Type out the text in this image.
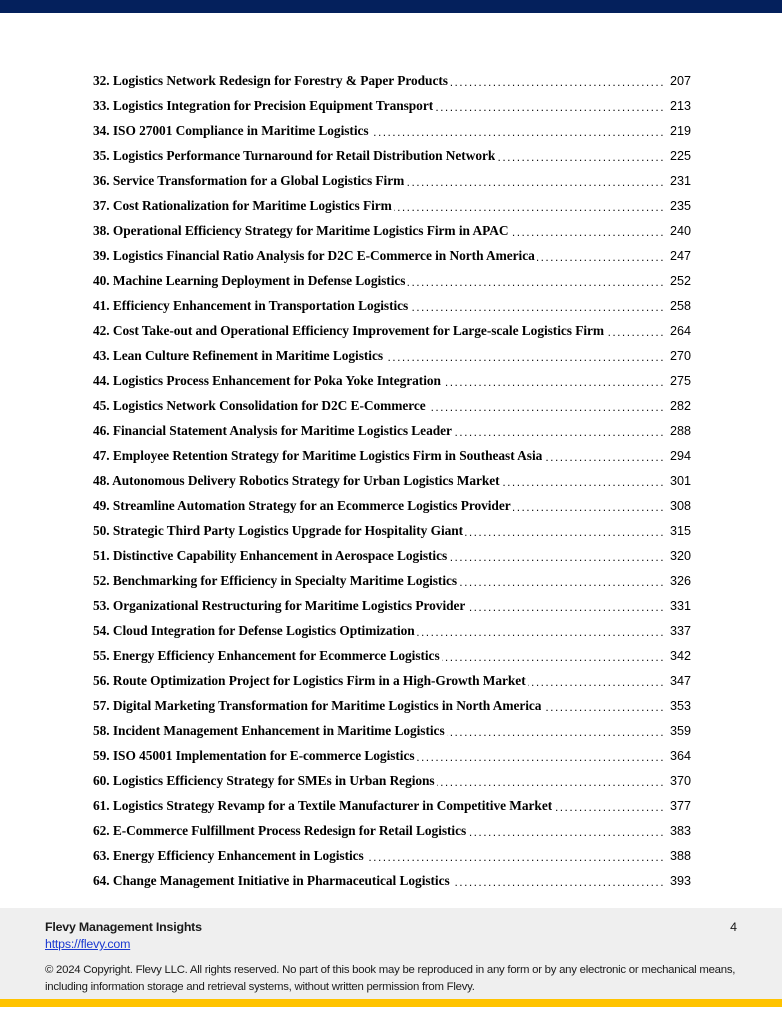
32. Logistics Network Redesign for Forestry & Paper Products .....	207
33. Logistics Integration for Precision Equipment Transport .....	213
34. ISO 27001 Compliance in Maritime Logistics .....	219
35. Logistics Performance Turnaround for Retail Distribution Network .....	225
36. Service Transformation for a Global Logistics Firm .....	231
37. Cost Rationalization for Maritime Logistics Firm .....	235
38. Operational Efficiency Strategy for Maritime Logistics Firm in APAC .....	240
39. Logistics Financial Ratio Analysis for D2C E-Commerce in North America .....	247
40. Machine Learning Deployment in Defense Logistics .....	252
41. Efficiency Enhancement in Transportation Logistics .....	258
42. Cost Take-out and Operational Efficiency Improvement for Large-scale Logistics Firm .....	264
43. Lean Culture Refinement in Maritime Logistics .....	270
44. Logistics Process Enhancement for Poka Yoke Integration .....	275
45. Logistics Network Consolidation for D2C E-Commerce .....	282
46. Financial Statement Analysis for Maritime Logistics Leader .....	288
47. Employee Retention Strategy for Maritime Logistics Firm in Southeast Asia .....	294
48. Autonomous Delivery Robotics Strategy for Urban Logistics Market .....	301
49. Streamline Automation Strategy for an Ecommerce Logistics Provider .....	308
50. Strategic Third Party Logistics Upgrade for Hospitality Giant .....	315
51. Distinctive Capability Enhancement in Aerospace Logistics .....	320
52. Benchmarking for Efficiency in Specialty Maritime Logistics .....	326
53. Organizational Restructuring for Maritime Logistics Provider .....	331
54. Cloud Integration for Defense Logistics Optimization .....	337
55. Energy Efficiency Enhancement for Ecommerce Logistics .....	342
56. Route Optimization Project for Logistics Firm in a High-Growth Market .....	347
57. Digital Marketing Transformation for Maritime Logistics in North America .....	353
58. Incident Management Enhancement in Maritime Logistics .....	359
59. ISO 45001 Implementation for E-commerce Logistics .....	364
60. Logistics Efficiency Strategy for SMEs in Urban Regions .....	370
61. Logistics Strategy Revamp for a Textile Manufacturer in Competitive Market .....	377
62. E-Commerce Fulfillment Process Redesign for Retail Logistics .....	383
63. Energy Efficiency Enhancement in Logistics .....	388
64. Change Management Initiative in Pharmaceutical Logistics .....	393
Flevy Management Insights
https://flevy.com
4
© 2024 Copyright. Flevy LLC. All rights reserved. No part of this book may be reproduced in any form or by any electronic or mechanical means, including information storage and retrieval systems, without written permission from Flevy.
